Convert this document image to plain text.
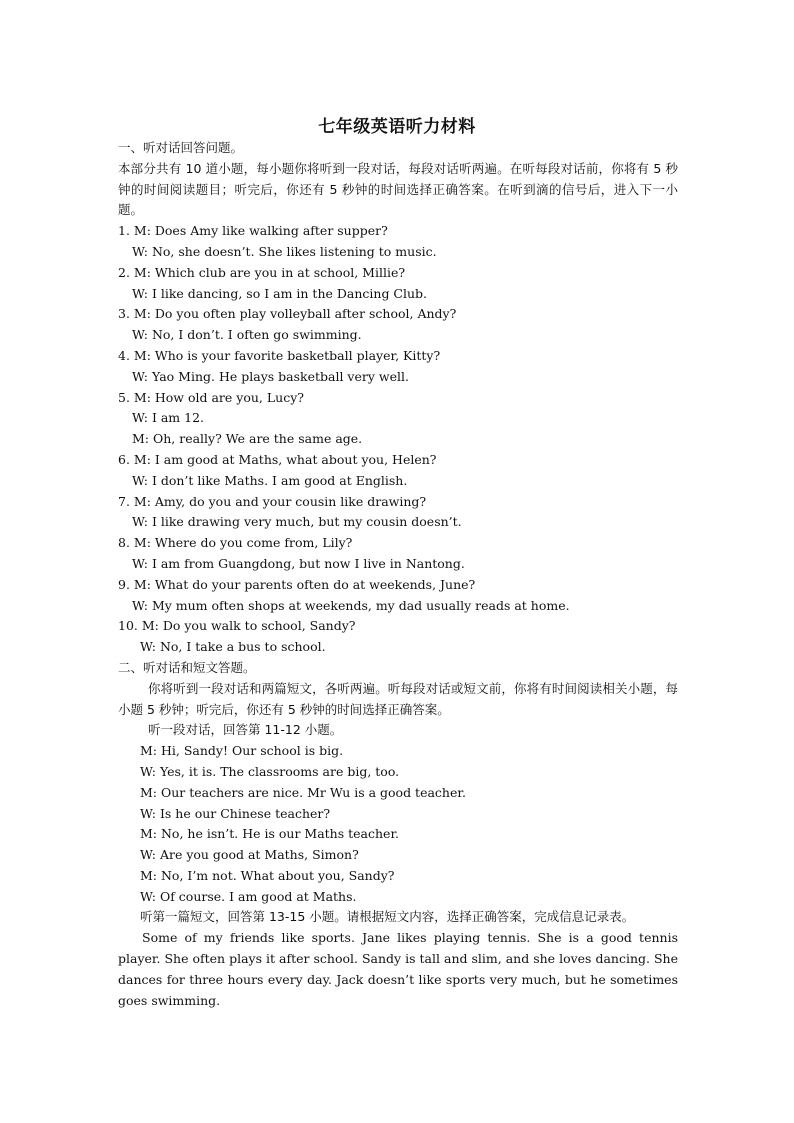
七年级英语听力材料

一、听对话回答问题。

本部分共有 10 道小题，每小题你将听到一段对话，每段对话听两遍。在听每段对话前，你将有 5 秒钟的时间阅读题目；听完后，你还有 5 秒钟的时间选择正确答案。在听到滴的信号后，进入下一小题。

1. M: Does Amy like walking after supper?

W: No, she doesn’t. She likes listening to music.

2. M: Which club are you in at school, Millie?

W: I like dancing, so I am in the Dancing Club.

3. M: Do you often play volleyball after school, Andy?

W: No, I don’t. I often go swimming.

4. M: Who is your favorite basketball player, Kitty?

W: Yao Ming. He plays basketball very well.

5. M: How old are you, Lucy?

W: I am 12.

M: Oh, really? We are the same age.

6. M: I am good at Maths, what about you, Helen?

W: I don’t like Maths. I am good at English.

7. M: Amy, do you and your cousin like drawing?

W: I like drawing very much, but my cousin doesn’t.

8. M: Where do you come from, Lily?

W: I am from Guangdong, but now I live in Nantong.

9. M: What do your parents often do at weekends, June?

W: My mum often shops at weekends, my dad usually reads at home.

10. M: Do you walk to school, Sandy?

W: No, I take a bus to school.

二、听对话和短文答题。

你将听到一段对话和两篇短文，各听两遍。听每段对话或短文前，你将有时间阅读相关小题，每小题 5 秒钟；听完后，你还有 5 秒钟的时间选择正确答案。

听一段对话，回答第 11-12 小题。

M: Hi, Sandy! Our school is big.

W: Yes, it is. The classrooms are big, too.

M: Our teachers are nice. Mr Wu is a good teacher.

W: Is he our Chinese teacher?

M: No, he isn’t. He is our Maths teacher.

W: Are you good at Maths, Simon?

M: No, I’m not. What about you, Sandy?

W: Of course. I am good at Maths.

听第一篇短文，回答第 13-15 小题。请根据短文内容，选择正确答案，完成信息记录表。

Some of my friends like sports. Jane likes playing tennis. She is a good tennis player. She often plays it after school. Sandy is tall and slim, and she loves dancing. She dances for three hours every day. Jack doesn’t like sports very much, but he sometimes goes swimming.
